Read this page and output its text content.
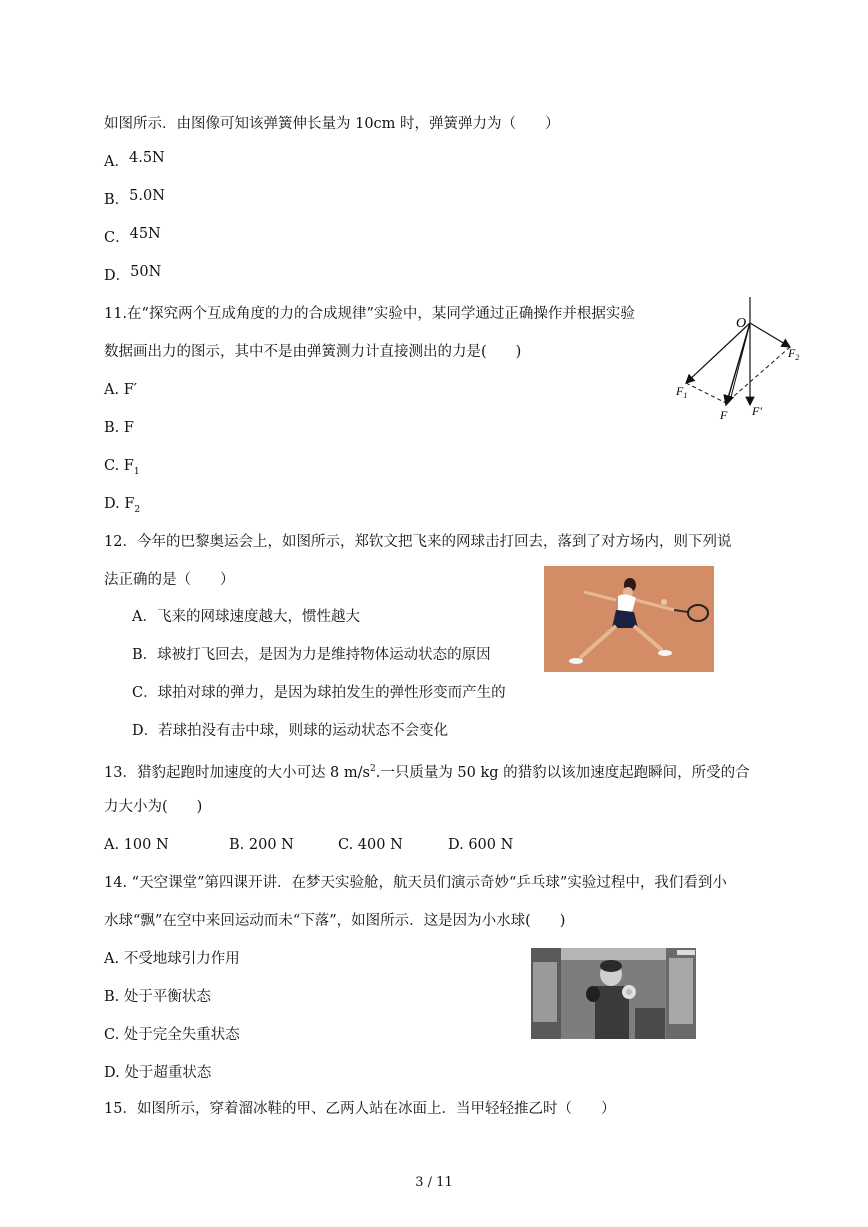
如图所示．由图像可知该弹簧伸长量为 10cm 时，弹簧弹力为（　　）
A．4.5N
B．5.0N
C．45N
D．50N
11.在“探究两个互成角度的力的合成规律”实验中，某同学通过正确操作并根据实验
数据画出力的图示，其中不是由弹簧测力计直接测出的力是(　　)
A. F′
B. F
C. $F_1$
D. $F_2$
O
$F_1$
$F_2$
F F′
12．今年的巴黎奥运会上，如图所示，郑钦文把飞来的网球击打回去，落到了对方场内，则下列说
法正确的是（　　）
A．飞来的网球速度越大，惯性越大
B．球被打飞回去，是因为力是维持物体运动状态的原因
C．球拍对球的弹力，是因为球拍发生的弹性形变而产生的
D．若球拍没有击中球，则球的运动状态不会变化
13．猎豹起跑时加速度的大小可达 8 $m/s^2$.一只质量为 50 kg 的猎豹以该加速度起跑瞬间，所受的合
力大小为(　　)
A. 100 N	B. 200 N	C. 400 N	D. 600 N
14. “天空课堂”第四课开讲．在梦天实验舱，航天员们演示奇妙“乒乓球”实验过程中，我们看到小
水球“飘”在空中来回运动而未“下落”，如图所示．这是因为小水球(　　)
A. 不受地球引力作用
B. 处于平衡状态
C. 处于完全失重状态
D. 处于超重状态
15．如图所示，穿着溜冰鞋的甲、乙两人站在冰面上．当甲轻轻推乙时（　　）
3 / 11
